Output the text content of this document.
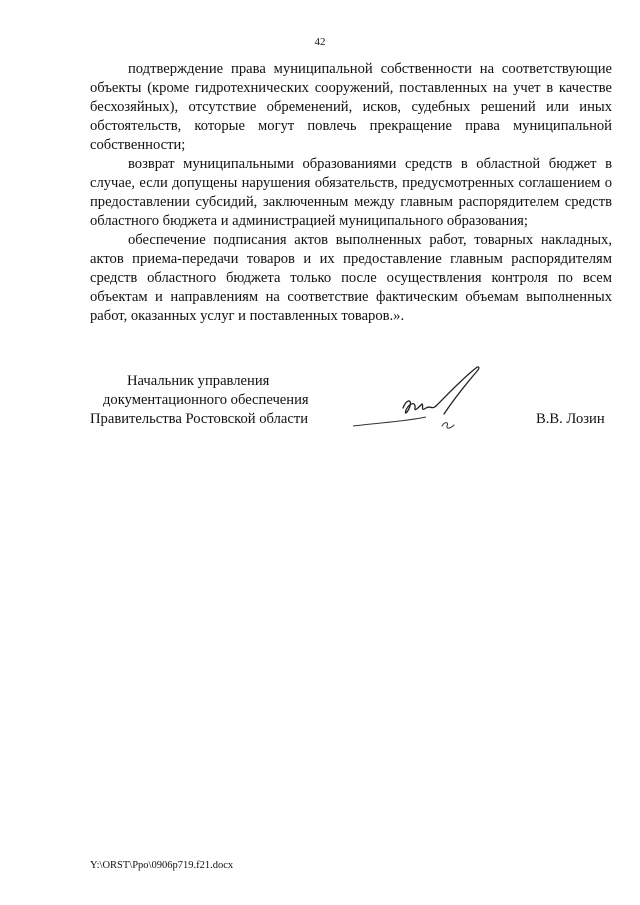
42

подтверждение права муниципальной собственности на соответствующие объекты (кроме гидротехнических сооружений, поставленных на учет в качестве бесхозяйных), отсутствие обременений, исков, судебных решений или иных обстоятельств, которые могут повлечь прекращение права муниципальной собственности;

возврат муниципальными образованиями средств в областной бюджет в случае, если допущены нарушения обязательств, предусмотренных соглашением о предоставлении субсидий, заключенным между главным распорядителем средств областного бюджета и администрацией муниципального образования;

обеспечение подписания актов выполненных работ, товарных накладных, актов приема-передачи товаров и их предоставление главным распорядителям средств областного бюджета только после осуществления контроля по всем объектам и направлениям на соответствие фактическим объемам выполненных работ, оказанных услуг и поставленных товаров.».

Начальник управления
документационного обеспечения
Правительства Ростовской области	В.В. Лозин
Y:\ORST\Ppo\0906p719.f21.docx
